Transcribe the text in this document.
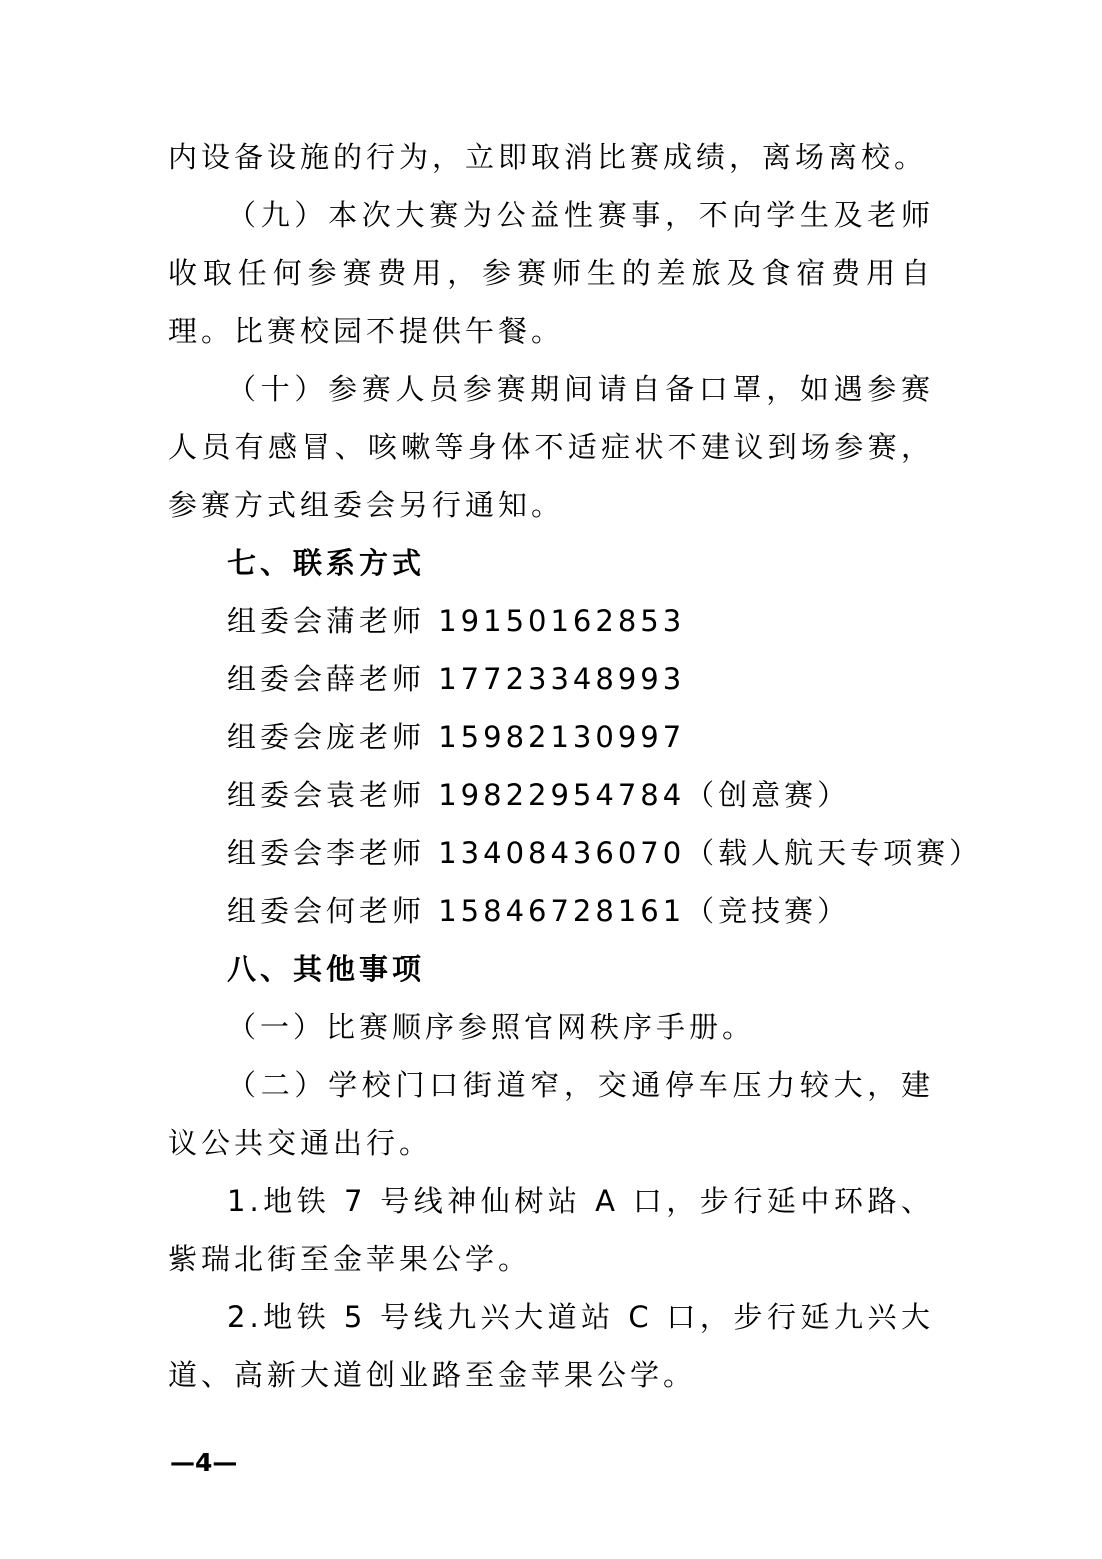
内设备设施的行为，立即取消比赛成绩，离场离校。

（九）本次大赛为公益性赛事，不向学生及老师收取任何参赛费用，参赛师生的差旅及食宿费用自理。比赛校园不提供午餐。

（十）参赛人员参赛期间请自备口罩，如遇参赛人员有感冒、咳嗽等身体不适症状不建议到场参赛，参赛方式组委会另行通知。

七、联系方式
组委会蒲老师 19150162853
组委会薛老师 17723348993
组委会庞老师 15982130997
组委会袁老师 19822954784（创意赛）
组委会李老师 13408436070（载人航天专项赛）
组委会何老师 15846728161（竞技赛）
八、其他事项
（一）比赛顺序参照官网秩序手册。

（二）学校门口街道窄，交通停车压力较大，建议公共交通出行。

1.地铁 7 号线神仙树站 A 口，步行延中环路、紫瑞北街至金苹果公学。

2.地铁 5 号线九兴大道站 C 口，步行延九兴大道、高新大道创业路至金苹果公学。

—4—
